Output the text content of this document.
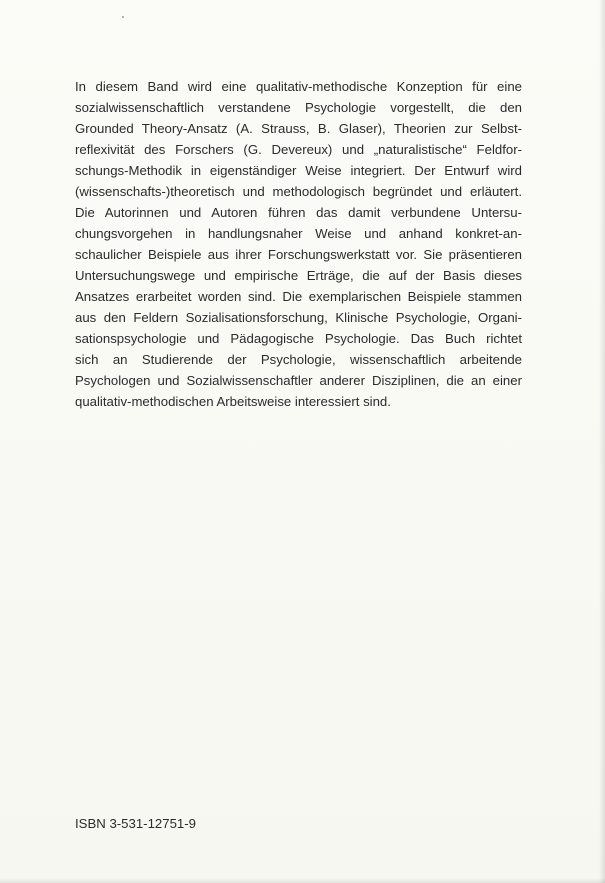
In diesem Band wird eine qualitativ-methodische Konzeption für eine
sozialwissenschaftlich verstandene Psychologie vorgestellt, die den
Grounded Theory-Ansatz (A. Strauss, B. Glaser), Theorien zur Selbst-
reflexivität des Forschers (G. Devereux) und „naturalistische“ Feldfor-
schungs-Methodik in eigenständiger Weise integriert. Der Entwurf wird
(wissenschafts-)theoretisch und methodologisch begründet und erläutert.
Die Autorinnen und Autoren führen das damit verbundene Untersu-
chungsvorgehen in handlungsnaher Weise und anhand konkret-an-
schaulicher Beispiele aus ihrer Forschungswerkstatt vor. Sie präsentieren
Untersuchungswege und empirische Erträge, die auf der Basis dieses
Ansatzes erarbeitet worden sind. Die exemplarischen Beispiele stammen
aus den Feldern Sozialisationsforschung, Klinische Psychologie, Organi-
sationspsychologie und Pädagogische Psychologie. Das Buch richtet
sich an Studierende der Psychologie, wissenschaftlich arbeitende
Psychologen und Sozialwissenschaftler anderer Disziplinen, die an einer
qualitativ-methodischen Arbeitsweise interessiert sind.
ISBN 3-531-12751-9
